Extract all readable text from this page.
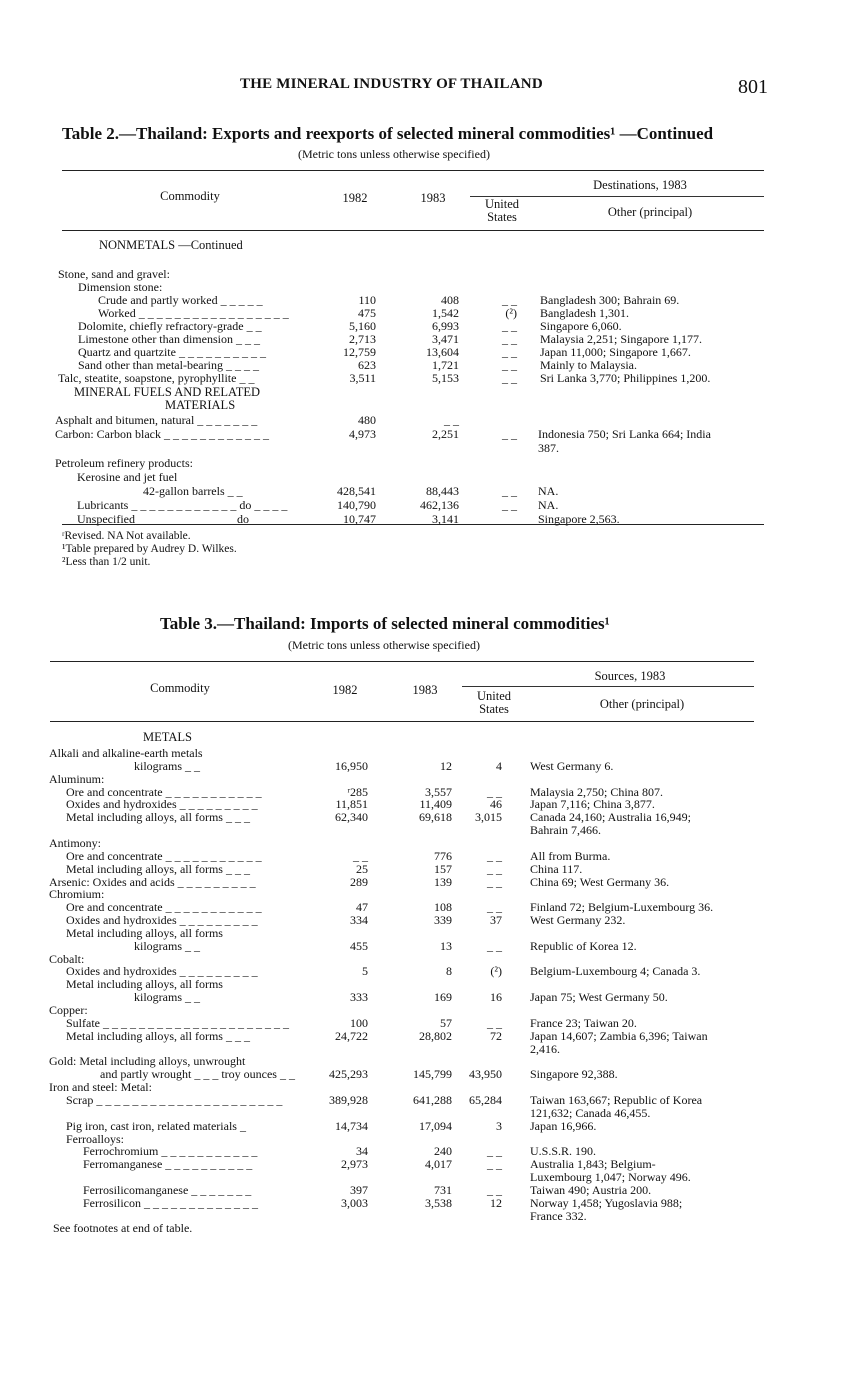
THE MINERAL INDUSTRY OF THAILAND	801
Table 2.—Thailand: Exports and reexports of selected mineral commodities¹ —Continued
(Metric tons unless otherwise specified)
Commodity	1982	1983
Destinations, 1983
United States	Other (principal)
NONMETALS —Continued
Stone, sand and gravel:
Dimension stone:
Crude and partly worked _ _ _ _ _	110	408	_ _ Bangladesh 300; Bahrain 69.
Worked _ _ _ _ _ _ _ _ _ _ _ _ _ _ _ _ _	475	1,542	(²) Bangladesh 1,301.
Dolomite, chiefly refractory-grade _ _	5,160	6,993	_ _ Singapore 6,060.
Limestone other than dimension _ _ _	2,713	3,471	_ _ Malaysia 2,251; Singapore 1,177.
Quartz and quartzite _ _ _ _ _ _ _ _ _ _	12,759	13,604	_ _ Japan 11,000; Singapore 1,667.
Sand other than metal-bearing _ _ _ _	623	1,721	_ _ Mainly to Malaysia.
Talc, steatite, soapstone, pyrophyllite _ _	3,511	5,153	_ _ Sri Lanka 3,770; Philippines 1,200.
MINERAL FUELS AND RELATED
MATERIALS
Asphalt and bitumen, natural _ _ _ _ _ _ _	480	_ _
Carbon: Carbon black _ _ _ _ _ _ _ _ _ _ _ _	4,973	2,251	_ _ Indonesia 750; Sri Lanka 664; India
387.
Petroleum refinery products:
Kerosine and jet fuel
42-gallon barrels _ _	428,541	88,443	_ _ NA.
Lubricants _ _ _ _ _ _ _ _ _ _ _ _ do _ _ _ _	140,790	462,136	_ _ NA.
Unspecified _ _ _ _ _ _ _ _ _ _ _ do _ _ _ _	10,747	3,141	_ _ Singapore 2,563.
ʳRevised. NA Not available.
¹Table prepared by Audrey D. Wilkes.
²Less than 1/2 unit.
Table 3.—Thailand: Imports of selected mineral commodities¹
(Metric tons unless otherwise specified)
Commodity	1982	1983
Sources, 1983
United States	Other (principal)
METALS
Alkali and alkaline-earth metals
kilograms _ _	16,950	12	4 West Germany 6.
Aluminum:
Ore and concentrate _ _ _ _ _ _ _ _ _ _ _	ʳ285	3,557	_ _ Malaysia 2,750; China 807.
Oxides and hydroxides _ _ _ _ _ _ _ _ _	11,851	11,409	46 Japan 7,116; China 3,877.
Metal including alloys, all forms _ _ _	62,340	69,618	3,015 Canada 24,160; Australia 16,949;
Bahrain 7,466.
Antimony:
Ore and concentrate _ _ _ _ _ _ _ _ _ _ _	_ _	776	_ _ All from Burma.
Metal including alloys, all forms _ _ _	25	157	_ _ China 117.
Arsenic: Oxides and acids _ _ _ _ _ _ _ _ _	289	139	_ _ China 69; West Germany 36.
Chromium:
Ore and concentrate _ _ _ _ _ _ _ _ _ _ _	47	108	_ _ Finland 72; Belgium-Luxembourg 36.
Oxides and hydroxides _ _ _ _ _ _ _ _ _	334	339	37 West Germany 232.
Metal including alloys, all forms
kilograms _ _	455	13	_ _ Republic of Korea 12.
Cobalt:
Oxides and hydroxides _ _ _ _ _ _ _ _ _	5	8	(²) Belgium-Luxembourg 4; Canada 3.
Metal including alloys, all forms
kilograms _ _	333	169	16 Japan 75; West Germany 50.
Copper:
Sulfate _ _ _ _ _ _ _ _ _ _ _ _ _ _ _ _ _ _ _ _ _	100	57	_ _ France 23; Taiwan 20.
Metal including alloys, all forms _ _ _	24,722	28,802	72 Japan 14,607; Zambia 6,396; Taiwan
2,416.
Gold: Metal including alloys, unwrought
and partly wrought _ _ _ troy ounces _ _	425,293	145,799	43,950 Singapore 92,388.
Iron and steel: Metal:
Scrap _ _ _ _ _ _ _ _ _ _ _ _ _ _ _ _ _ _ _ _ _	389,928	641,288	65,284 Taiwan 163,667; Republic of Korea
121,632; Canada 46,455.
Pig iron, cast iron, related materials _	14,734	17,094	3 Japan 16,966.
Ferroalloys:
Ferrochromium _ _ _ _ _ _ _ _ _ _ _	34	240	_ _ U.S.S.R. 190.
Ferromanganese _ _ _ _ _ _ _ _ _ _	2,973	4,017	_ _ Australia 1,843; Belgium-
Luxembourg 1,047; Norway 496.
Ferrosilicomanganese _ _ _ _ _ _ _	397	731	_ _ Taiwan 490; Austria 200.
Ferrosilicon _ _ _ _ _ _ _ _ _ _ _ _ _	3,003	3,538	12 Norway 1,458; Yugoslavia 988;
France 332.
See footnotes at end of table.
